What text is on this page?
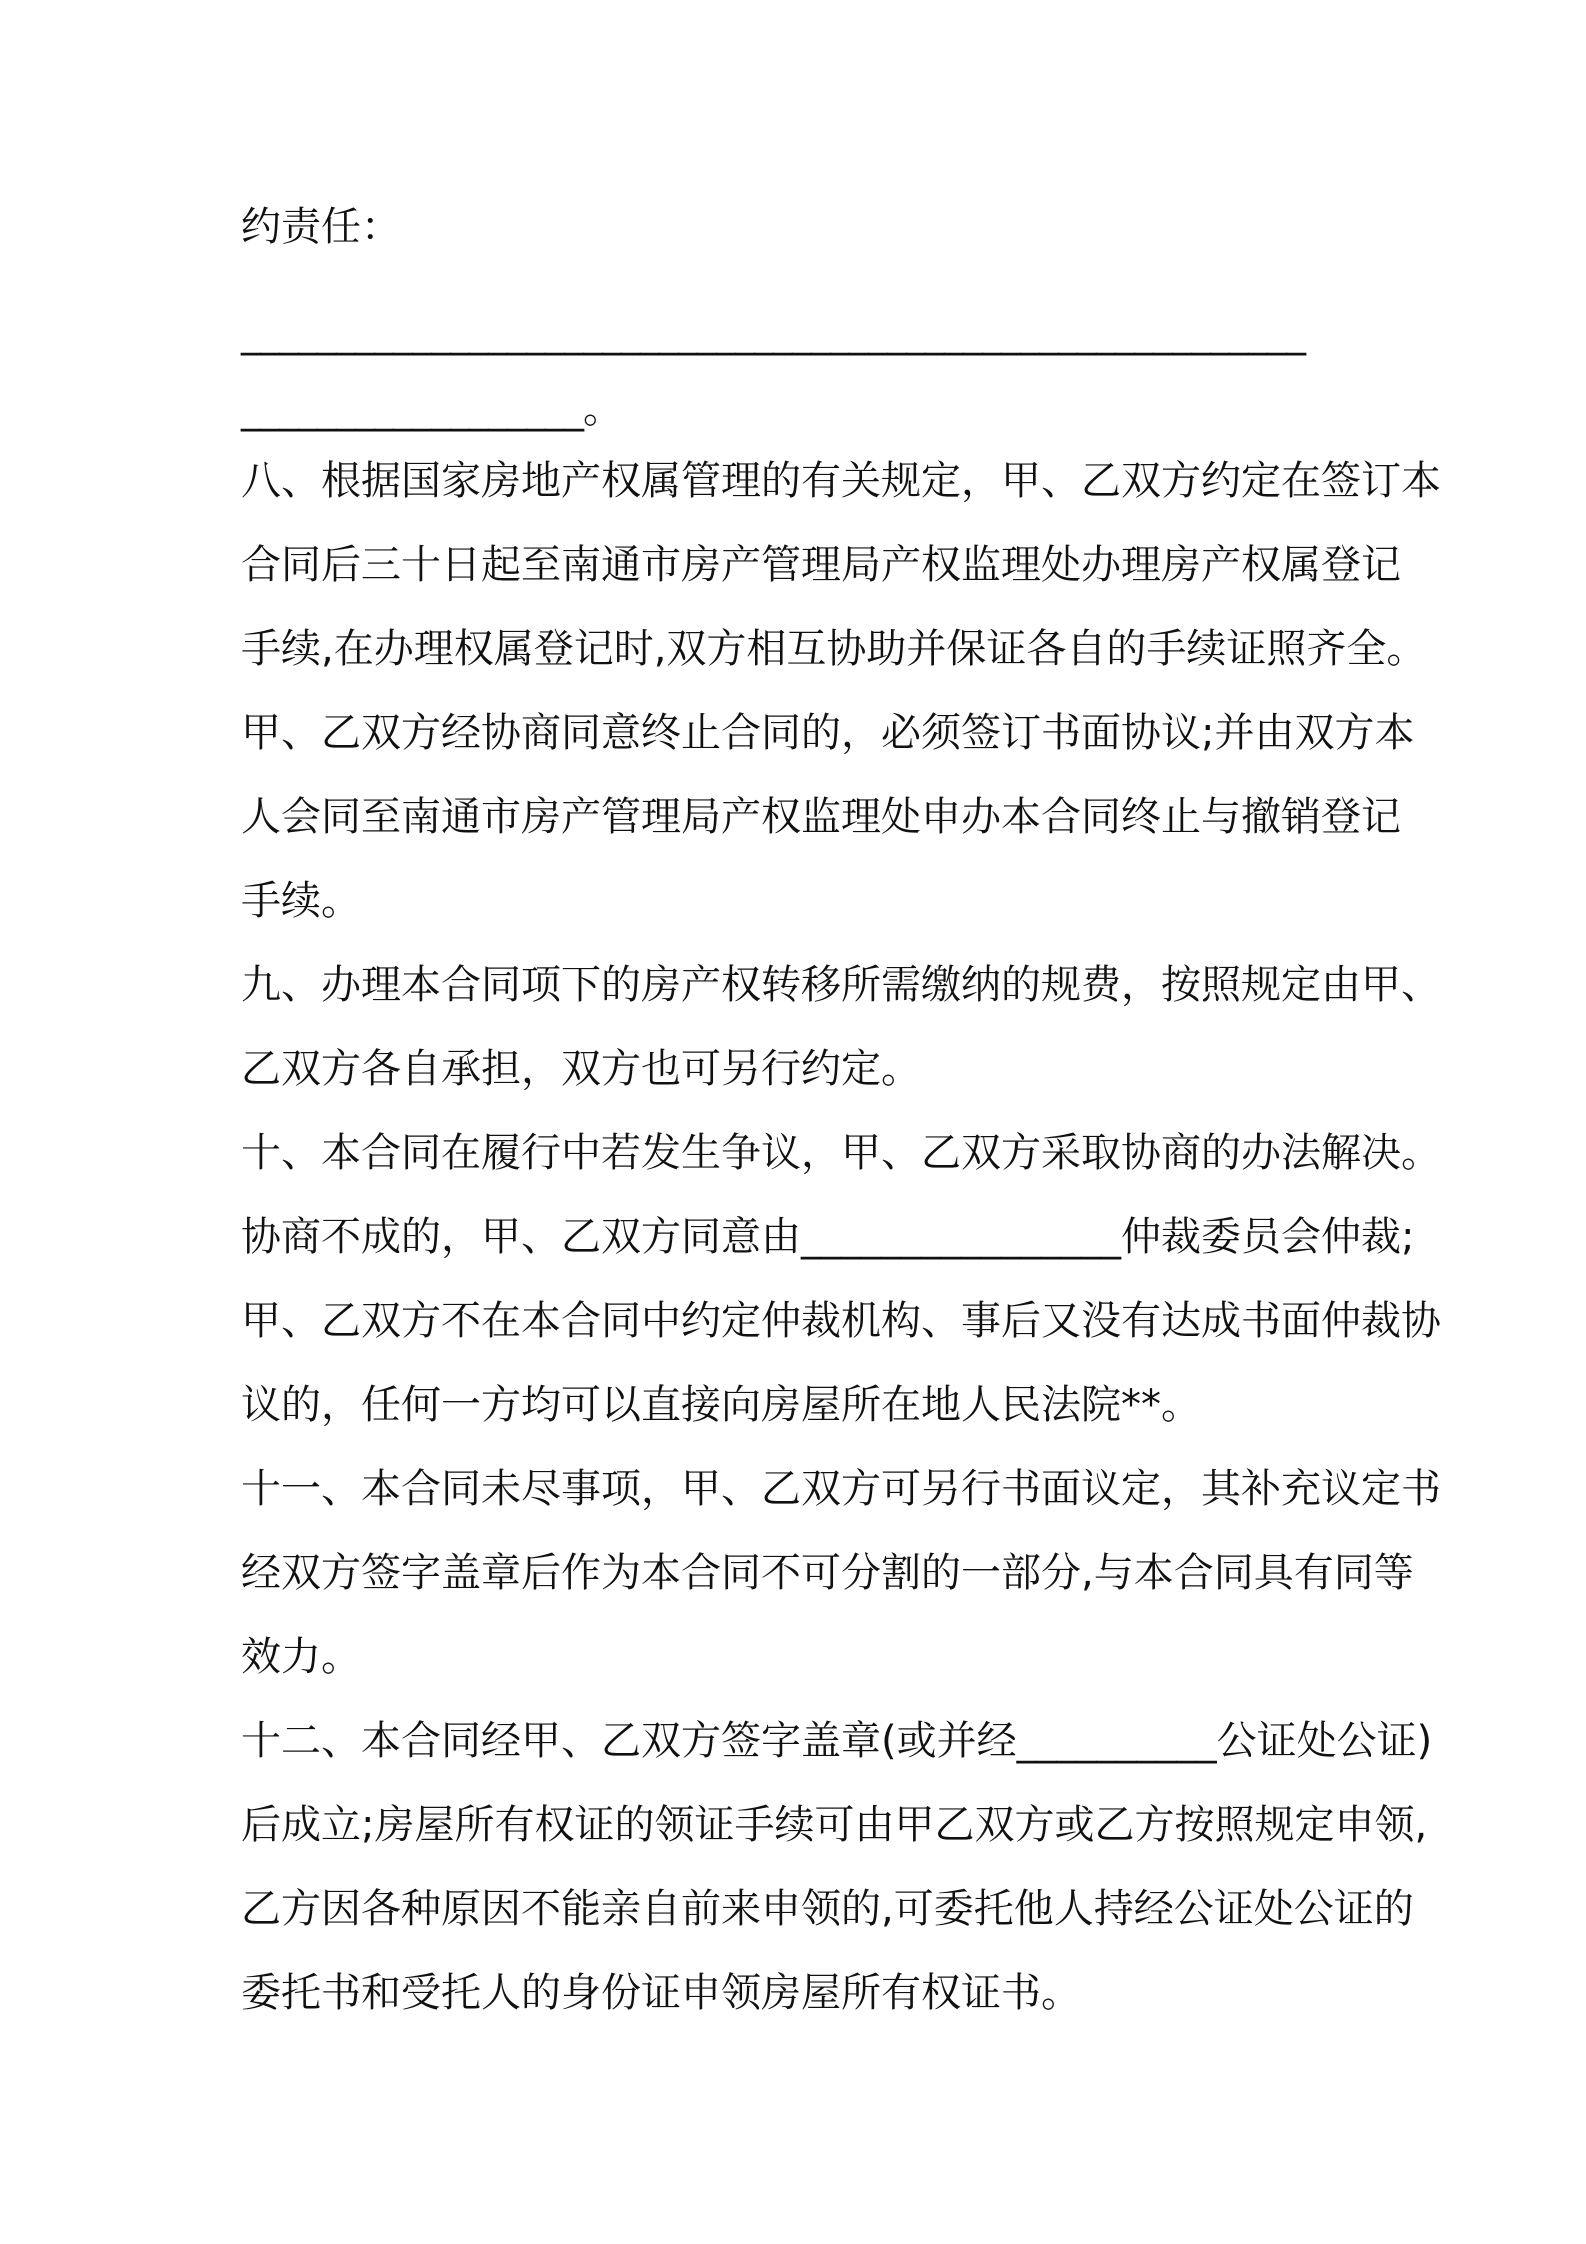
约责任：
________________________________________________________
__________________。
八、根据国家房地产权属管理的有关规定，甲、乙双方约定在签订本
合同后三十日起至南通市房产管理局产权监理处办理房产权属登记
手续,在办理权属登记时,双方相互协助并保证各自的手续证照齐全。
甲、乙双方经协商同意终止合同的，必须签订书面协议;并由双方本
人会同至南通市房产管理局产权监理处申办本合同终止与撤销登记
手续。
九、办理本合同项下的房产权转移所需缴纳的规费，按照规定由甲、
乙双方各自承担，双方也可另行约定。
十、本合同在履行中若发生争议，甲、乙双方采取协商的办法解决。
协商不成的，甲、乙双方同意由________________仲裁委员会仲裁;
甲、乙双方不在本合同中约定仲裁机构、事后又没有达成书面仲裁协
议的，任何一方均可以直接向房屋所在地人民法院**。
十一、本合同未尽事项，甲、乙双方可另行书面议定，其补充议定书
经双方签字盖章后作为本合同不可分割的一部分,与本合同具有同等
效力。
十二、本合同经甲、乙双方签字盖章(或并经__________公证处公证)
后成立;房屋所有权证的领证手续可由甲乙双方或乙方按照规定申领,
乙方因各种原因不能亲自前来申领的,可委托他人持经公证处公证的
委托书和受托人的身份证申领房屋所有权证书。
